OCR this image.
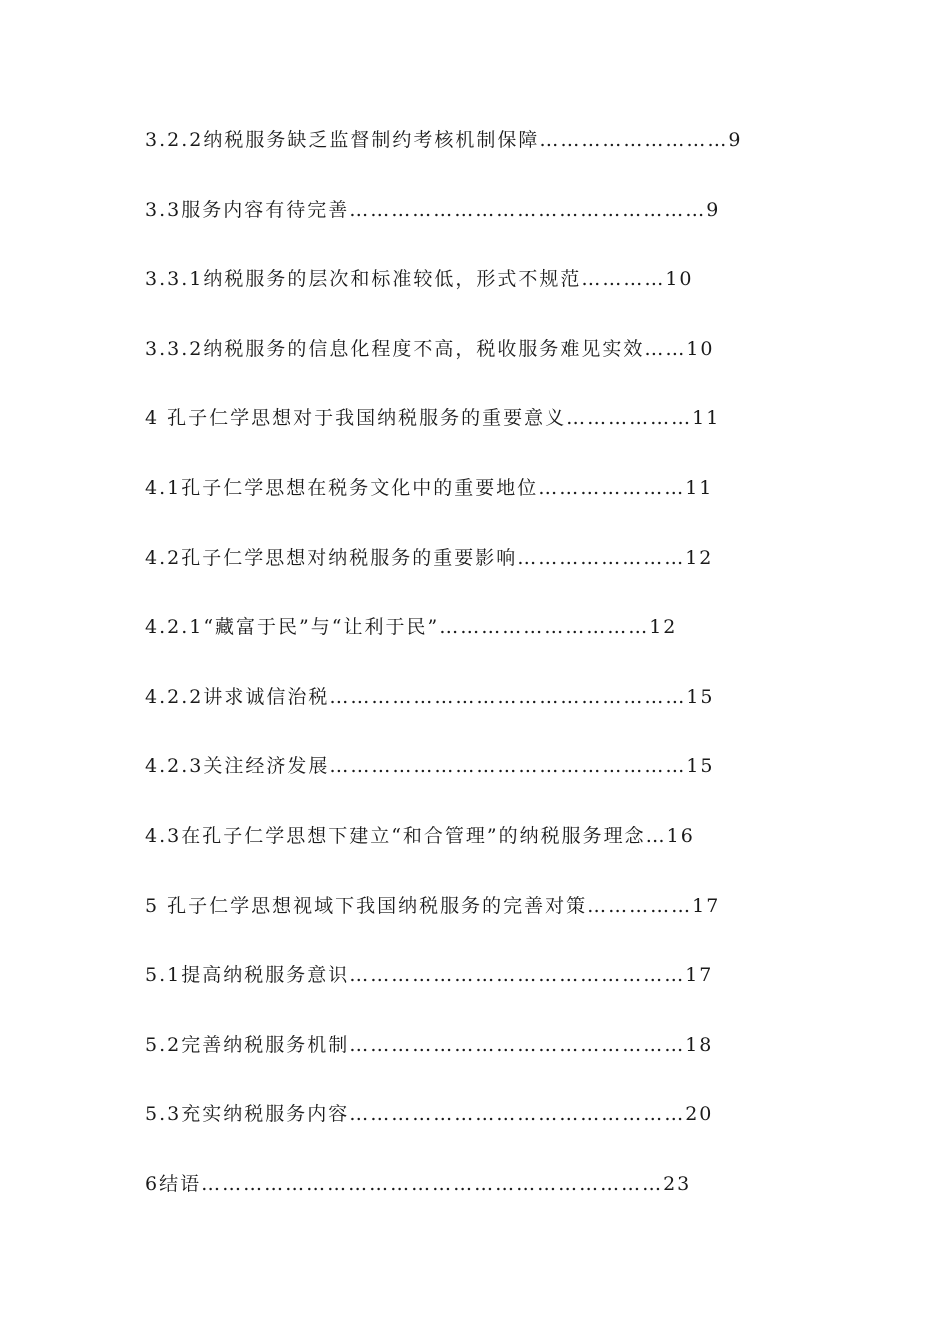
3.2.2纳税服务缺乏监督制约考核机制保障………………………9
3.3服务内容有待完善……………………………………………9
3.3.1纳税服务的层次和标准较低，形式不规范…………10
3.3.2纳税服务的信息化程度不高，税收服务难见实效……10
4 孔子仁学思想对于我国纳税服务的重要意义………………11
4.1孔子仁学思想在税务文化中的重要地位…………………11
4.2孔子仁学思想对纳税服务的重要影响……………………12
4.2.1“藏富于民”与“让利于民”…………………………12
4.2.2讲求诚信治税……………………………………………15
4.2.3关注经济发展……………………………………………15
4.3在孔子仁学思想下建立“和合管理”的纳税服务理念…16
5 孔子仁学思想视域下我国纳税服务的完善对策……………17
5.1提高纳税服务意识…………………………………………17
5.2完善纳税服务机制…………………………………………18
5.3充实纳税服务内容…………………………………………20
6结语…………………………………………………………23
